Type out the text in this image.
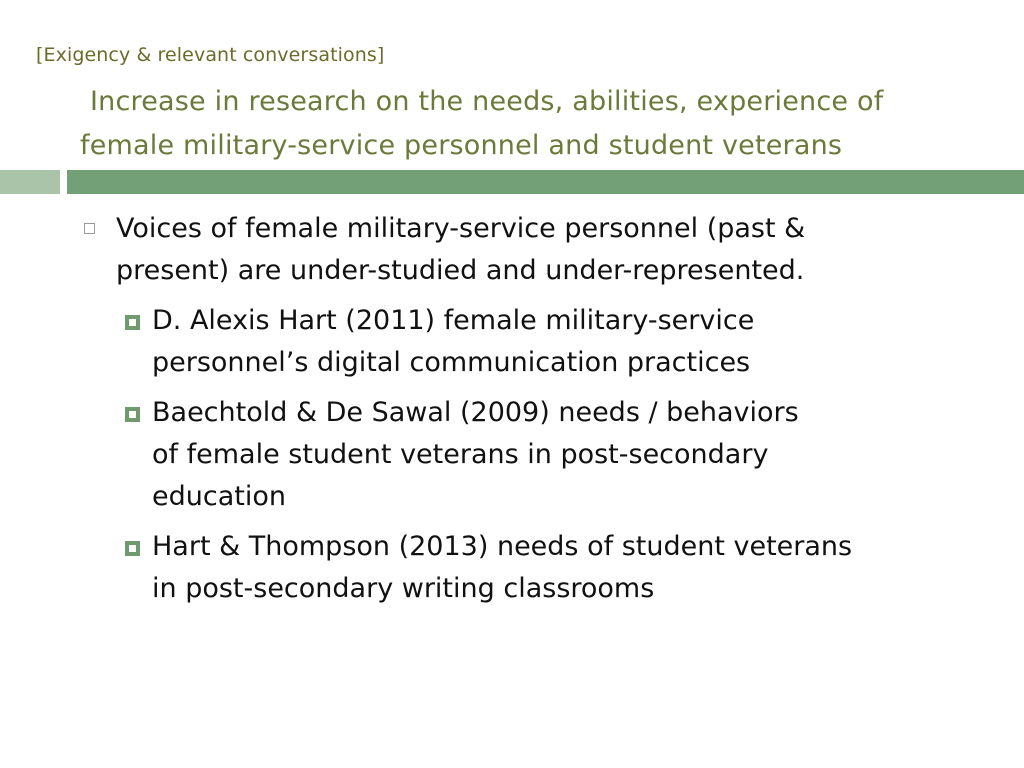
[Exigency & relevant conversations]
Increase in research on the needs, abilities, experience of
female military-service personnel and student veterans
Voices of female military-service personnel (past &
present) are under-studied and under-represented.
D. Alexis Hart (2011) female military-service
personnel’s digital communication practices
Baechtold & De Sawal (2009) needs / behaviors
of female student veterans in post-secondary
education
Hart & Thompson (2013) needs of student veterans
in post-secondary writing classrooms
